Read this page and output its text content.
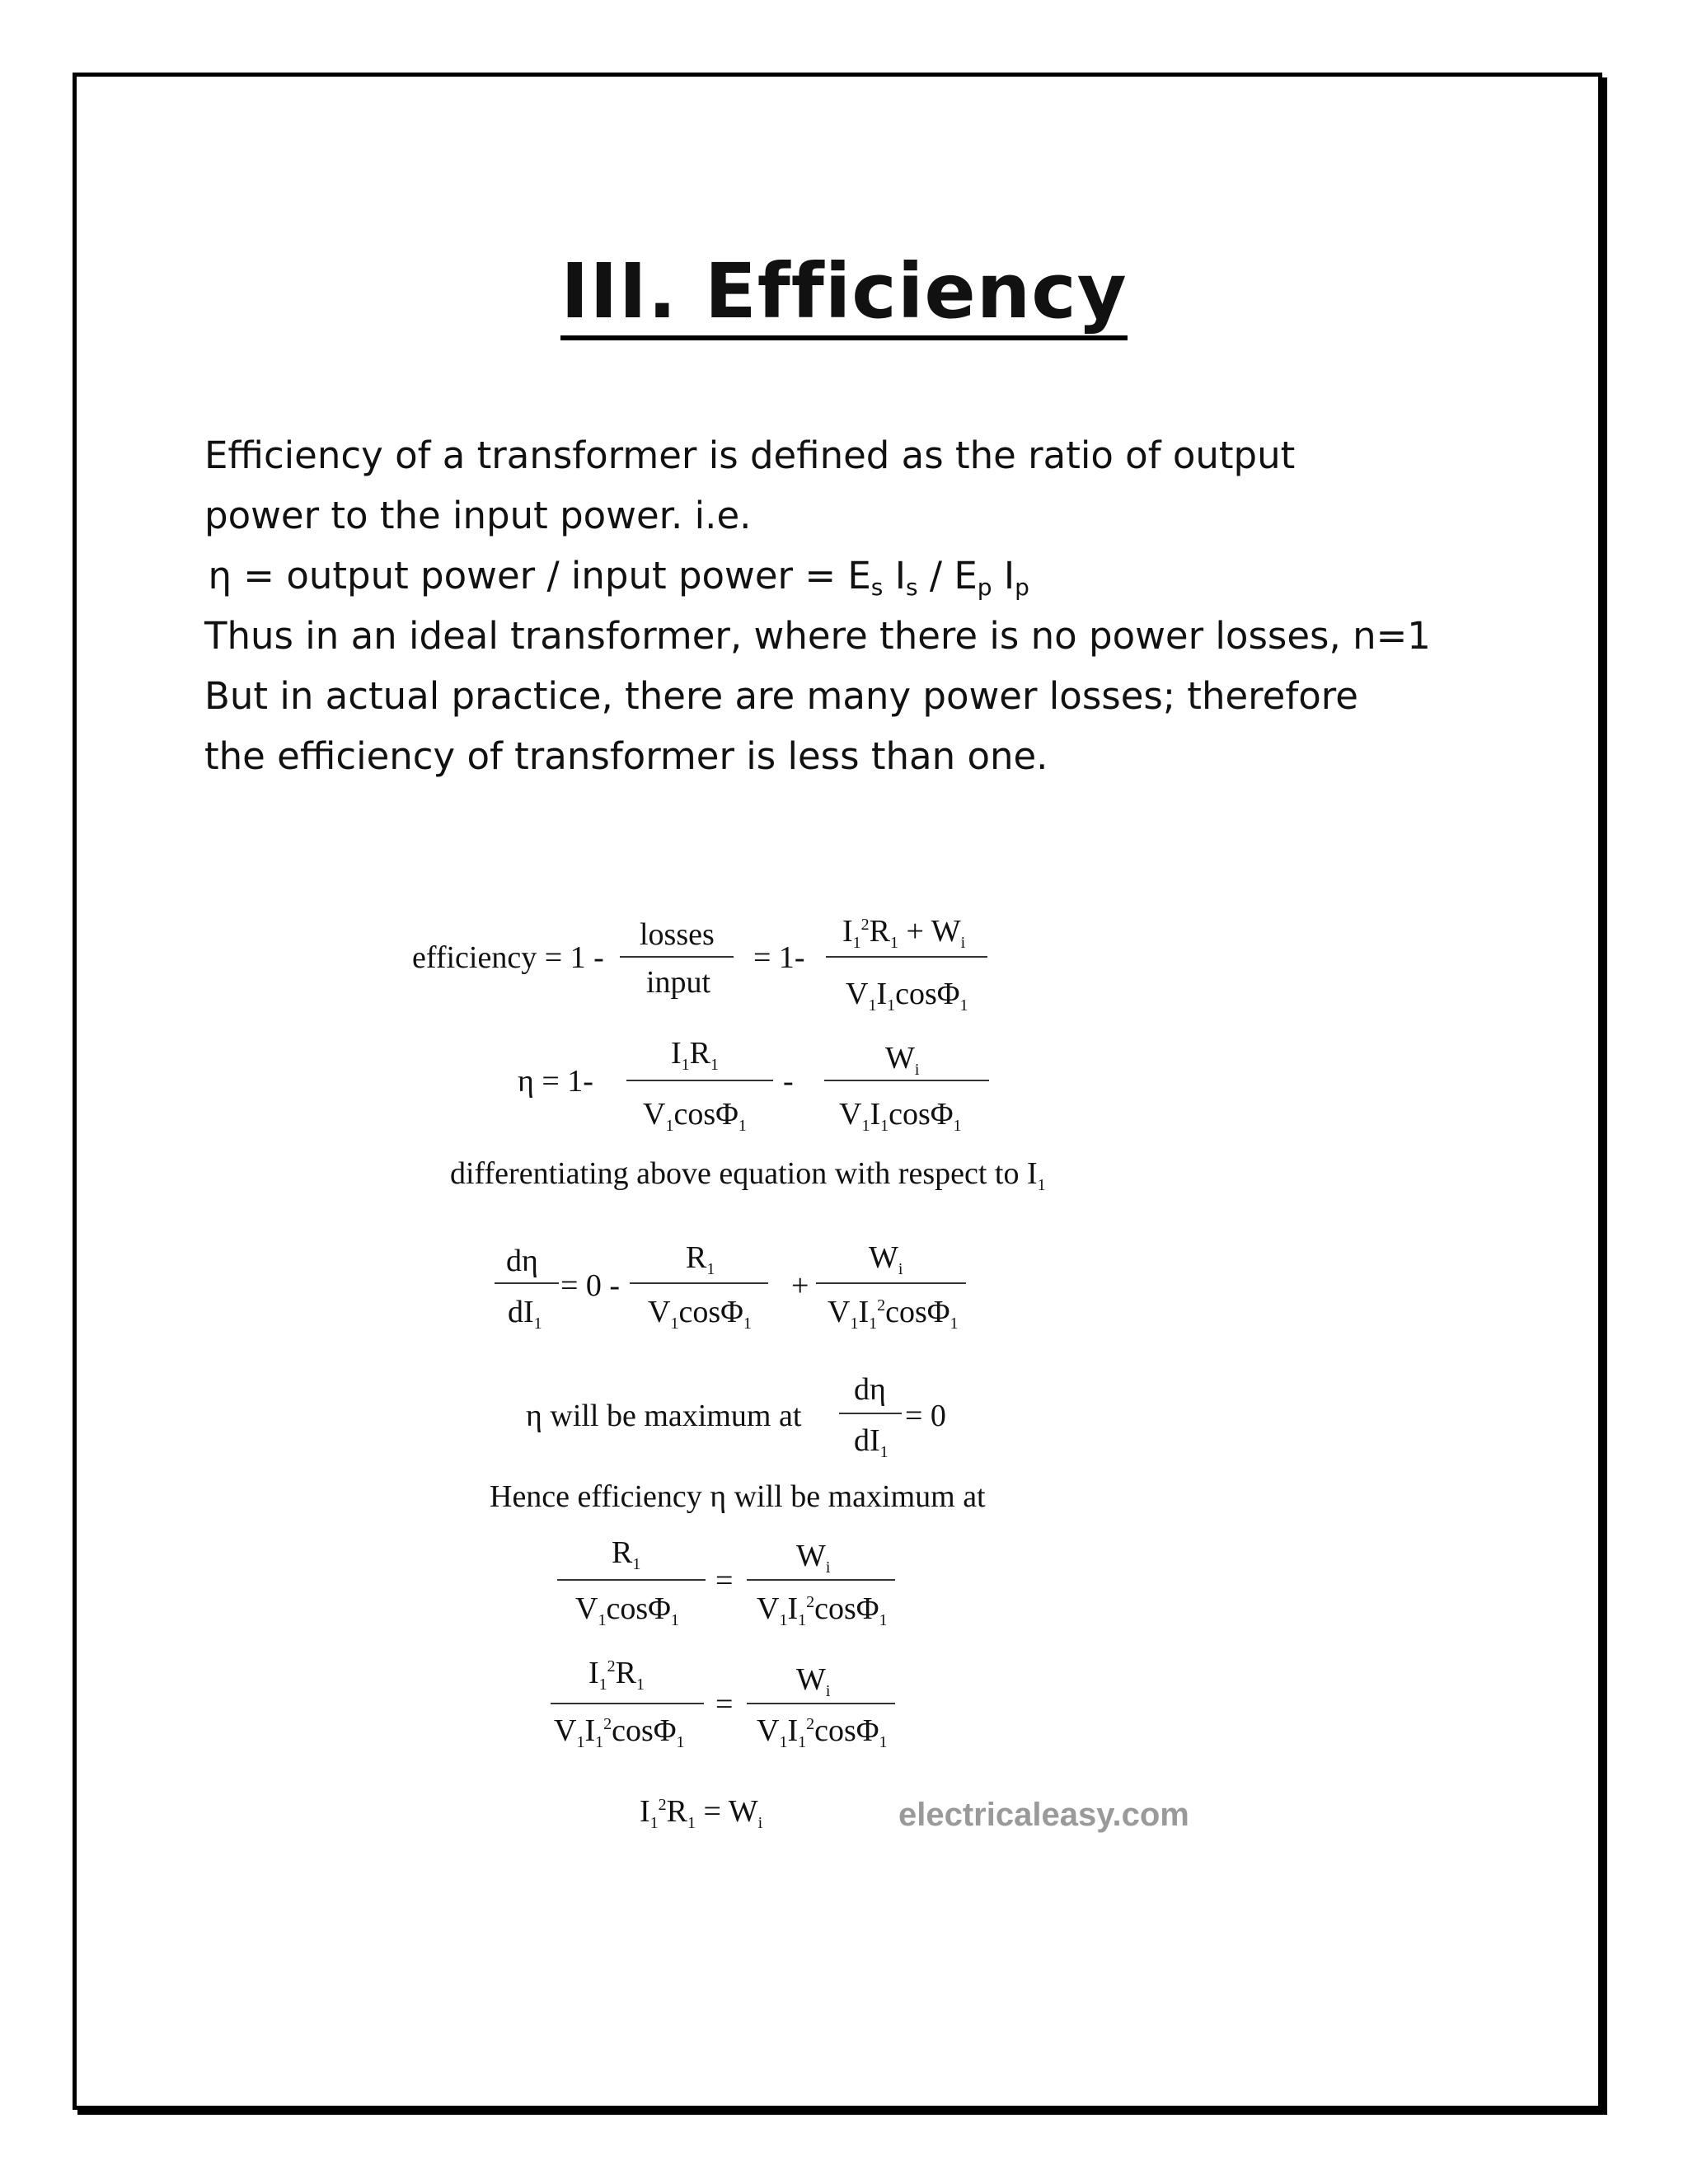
III. Efficiency
Efficiency of a transformer is defined as the ratio of output
power to the input power. i.e.
 η = output power / input power = $E_s$ $I_s / E_p$ $I_p$
Thus in an ideal transformer, where there is no power losses, n=1
But in actual practice, there are many power losses; therefore
the efficiency of transformer is less than one.
efficiency = 1 -
losses
input
= 1-
$I_1^2R_1 + W_i$
$V_1I_1\cos\Phi_1$
η = 1-
$I_1R_1$
$V_1\cos\Phi_1$
-
$W_i$
$V_1I_1\cos\Phi_1$
differentiating above equation with respect to $I_1$
dη
$dI_1$
= 0 -
$R_1$
$V_1\cos\Phi_1$
+
$W_i$
$V_1I_1^2\cos\Phi_1$
η will be maximum at
dη
$dI_1$
= 0
Hence efficiency η will be maximum at
$R_1$
$V_1\cos\Phi_1$
=
$W_i$
$V_1I_1^2\cos\Phi_1$
$I_1^2R_1$
$V_1I_1^2\cos\Phi_1$
=
$W_i$
$V_1I_1^2\cos\Phi_1$
$I_1^2R_1 = W_i$	electricaleasy.com
